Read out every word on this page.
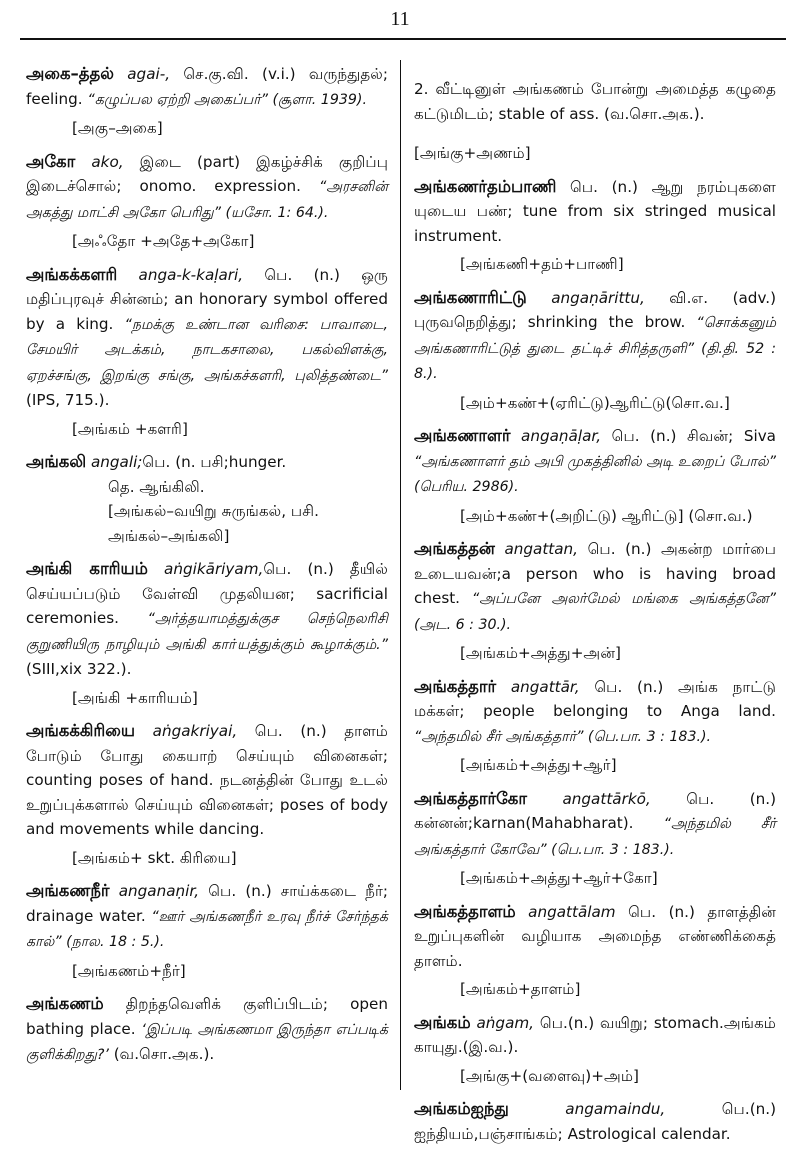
11

அகை–த்தல் agai-, செ.கு.வி. (v.i.) வருந்துதல்; feeling. “கழுப்பல ஏற்றி அகைப்பர்” (சூளா. 1939).

[அகு–அகை]

அகோ ako, இடை (part) இகழ்ச்சிக் குறிப்பு இடைச்சொல்; onomo. expression. “அரசனின் அகத்து மாட்சி அகோ பெரிது” (யசோ. 1: 64.).

[அஃதோ +அதே+அகோ]

அங்கக்களரி anga-k-kaḷari, பெ. (n.) ஒரு மதிப்புரவுச் சின்னம்; an honorary symbol offered by a king. “நமக்கு உண்டான வரிசை: பாவாடை, சேமயிர் அடக்கம், நாடகசாலை, பகல்விளக்கு, ஏறச்சங்கு, இறங்கு சங்கு, அங்கச்களரி, புலித்தண்டை” (IPS, 715.).

[அங்கம் +களரி]

அங்கலி angali;பெ. (n. பசி;hunger.

தெ. ஆங்கிலி.
[அங்கல்–வயிறு சுருங்கல், பசி.
அங்கல்–அங்கலி]

அங்கி காரியம் aṅgikāriyam,பெ. (n.) தீயில் செய்யப்படும் வேள்வி முதலியன; sacrificial ceremonies. “அர்த்தயாமத்துக்குச செந்நெலரிசி குறுணியிரு நாழியும் அங்கி காா்யத்துக்கும் கூழாக்கும்.” (SIII,xix 322.).

[அங்கி +காரியம்]

அங்கக்கிரியை aṅgakriyai, பெ. (n.) தாளம் போடும் போது கையாற் செய்யும் வினைகள்; counting poses of hand. நடனத்தின் போது உடல் உறுப்புக்களால் செய்யும் வினைகள்; poses of body and movements while dancing.

[அங்கம்+ skt. கிரியை]

அங்கணநீர் anganaṇir, பெ. (n.) சாய்க்கடை நீர்; drainage water. “ஊர் அங்கணநீர் உரவு நீர்ச் சேர்ந்தக் கால்” (நால. 18 : 5.).

[அங்கணம்+நீர்]

அங்கணம் திறந்தவெளிக் குளிப்பிடம்; open bathing place. ‘இப்படி அங்கணமா இருந்தா எப்படிக் குளிக்கிறது?’ (வ.சொ.அக.).

2. வீட்டினுள் அங்கணம் போன்று அமைத்த கழுதை கட்டுமிடம்; stable of ass. (வ.சொ.அக.).

[அங்கு+அணம்]

அங்கணர்தம்பாணி பெ. (n.) ஆறு நரம்புகளை யுடைய பண்; tune from six stringed musical instrument.

[அங்கணி+தம்+பாணி]

அங்கணாரிட்டு angaṇārittu, வி.எ. (adv.) புருவநெறித்து; shrinking the brow. “சொக்கனும் அங்கணாரிட்டுத் துடை தட்டிச் சிரித்தருளி” (தி.தி. 52 : 8.).

[அம்+கண்+(ஏரிட்டு)ஆரிட்டு(சொ.வ.]

அங்கணாளர் angaṇāḷar, பெ. (n.) சிவன்; Siva “அங்கணாளர் தம் அபி முகத்தினில் அடி உறைப் போல்” (பெரிய. 2986).

[அம்+கண்+(அறிட்டு) ஆரிட்டு] (சொ.வ.)

அங்கத்தன் angattan, பெ. (n.) அகன்ற மார்பை உடையவன்;a person who is having broad chest. “அப்பனே அலர்மேல் மங்கை அங்கத்தனே” (அட. 6 : 30.).

[அங்கம்+அத்து+அன்]

அங்கத்தார் angattār, பெ. (n.) அங்க நாட்டு மக்கள்; people belonging to Anga land. “அந்தமில் சீர் அங்கத்தார்” (பெ.பா. 3 : 183.).

[அங்கம்+அத்து+ஆர்]

அங்கத்தார்கோ angattārkō, பெ. (n.) கன்னன்;karnan(Mahabharat). “அந்தமில் சீர் அங்கத்தார் கோவே” (பெ.பா. 3 : 183.).

[அங்கம்+அத்து+ஆர்+கோ]

அங்கத்தாளம் angattālam பெ. (n.) தாளத்தின் உறுப்புகளின் வழியாக அமைந்த எண்ணிக்கைத் தாளம்.

[அங்கம்+தாளம்]

அங்கம் aṅgam, பெ.(n.) வயிறு; stomach.அங்கம் காயுது.(இ.வ.).

[அங்கு+(வளைவு)+அம்]

அங்கம்ஐந்து	angamaindu, பெ.(n.) ஐந்தியம்,பஞ்சாங்கம்; Astrological calendar.
